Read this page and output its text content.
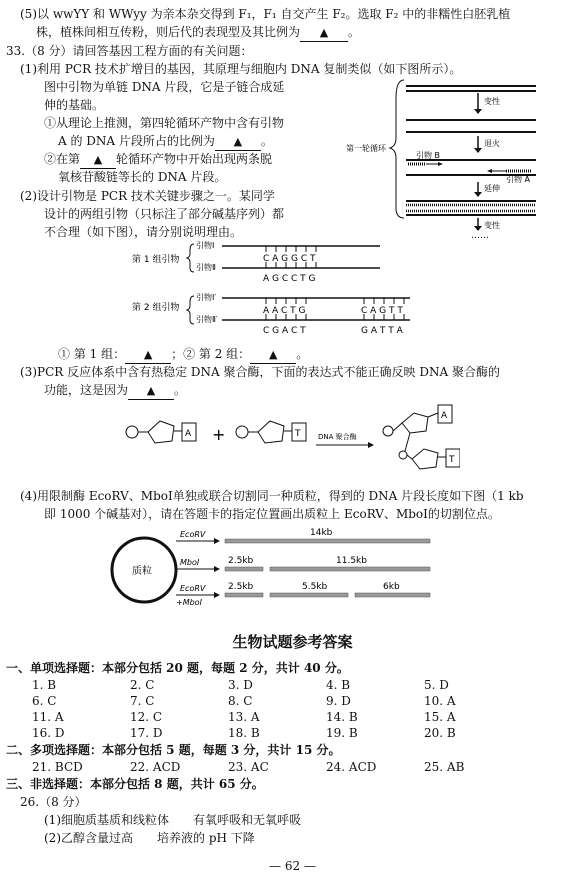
(5)以 wwYY 和 WWyy 为亲本杂交得到 F₁，F₁ 自交产生 F₂。选取 F₂ 中的非糯性白胚乳植
株，植株间相互传粉，则后代的表现型及其比例为 ▲ 。
33.（8 分）请回答基因工程方面的有关问题：
(1)利用 PCR 技术扩增目的基因，其原理与细胞内 DNA 复制类似（如下图所示）。
图中引物为单链 DNA 片段，它是子链合成延
伸的基础。
①从理论上推测，第四轮循环产物中含有引物
A 的 DNA 片段所占的比例为 ▲ 。
②在第 ▲ 轮循环产物中开始出现两条脱
氧核苷酸链等长的 DNA 片段。
(2)设计引物是 PCR 技术关键步骤之一。某同学
设计的两组引物（只标注了部分碱基序列）都
不合理（如下图），请分别说明理由。
变性
退火
引物 B
引物 A
延伸
变性
……
第一轮循环
第 1 组引物
引物Ⅰ
引物Ⅱ
C A G G C T
A G C C T G
第 2 组引物
引物Ⅰ′
引物Ⅱ′
A A C T G	C A G T T
C G A C T	G A T T A
① 第 1 组： ▲ ；② 第 2 组： ▲ 。
(3)PCR 反应体系中含有热稳定 DNA 聚合酶，下面的表达式不能正确反映 DNA 聚合酶的
功能，这是因为 ▲ 。
A +	T	DNA 聚合酶
A
T
(4)用限制酶 EcoRV、MboⅠ单独或联合切割同一种质粒，得到的 DNA 片段长度如下图（1 kb
即 1000 个碱基对），请在答题卡的指定位置画出质粒上 EcoRV、MboⅠ的切割位点。
质粒
EcoRV	14kb
MboI	2.5kb	11.5kb
EcoRV
+MboI
2.5kb	5.5kb	6kb
生物试题参考答案
一、单项选择题：本部分包括 20 题，每题 2 分，共计 40 分。
1. B	2. C	3. D	4. B	5. D
6. C	7. C	8. C	9. D	10. A
11. A	12. C	13. A	14. B	15. A
16. D	17. D	18. B	19. B	20. B
二、多项选择题：本部分包括 5 题，每题 3 分，共计 15 分。
21. BCD	22. ACD	23. AC	24. ACD	25. AB
三、非选择题：本部分包括 8 题，共计 65 分。
26.（8 分）
(1)细胞质基质和线粒体　　有氧呼吸和无氧呼吸
(2)乙醇含量过高　　培养液的 pH 下降
— 62 —
